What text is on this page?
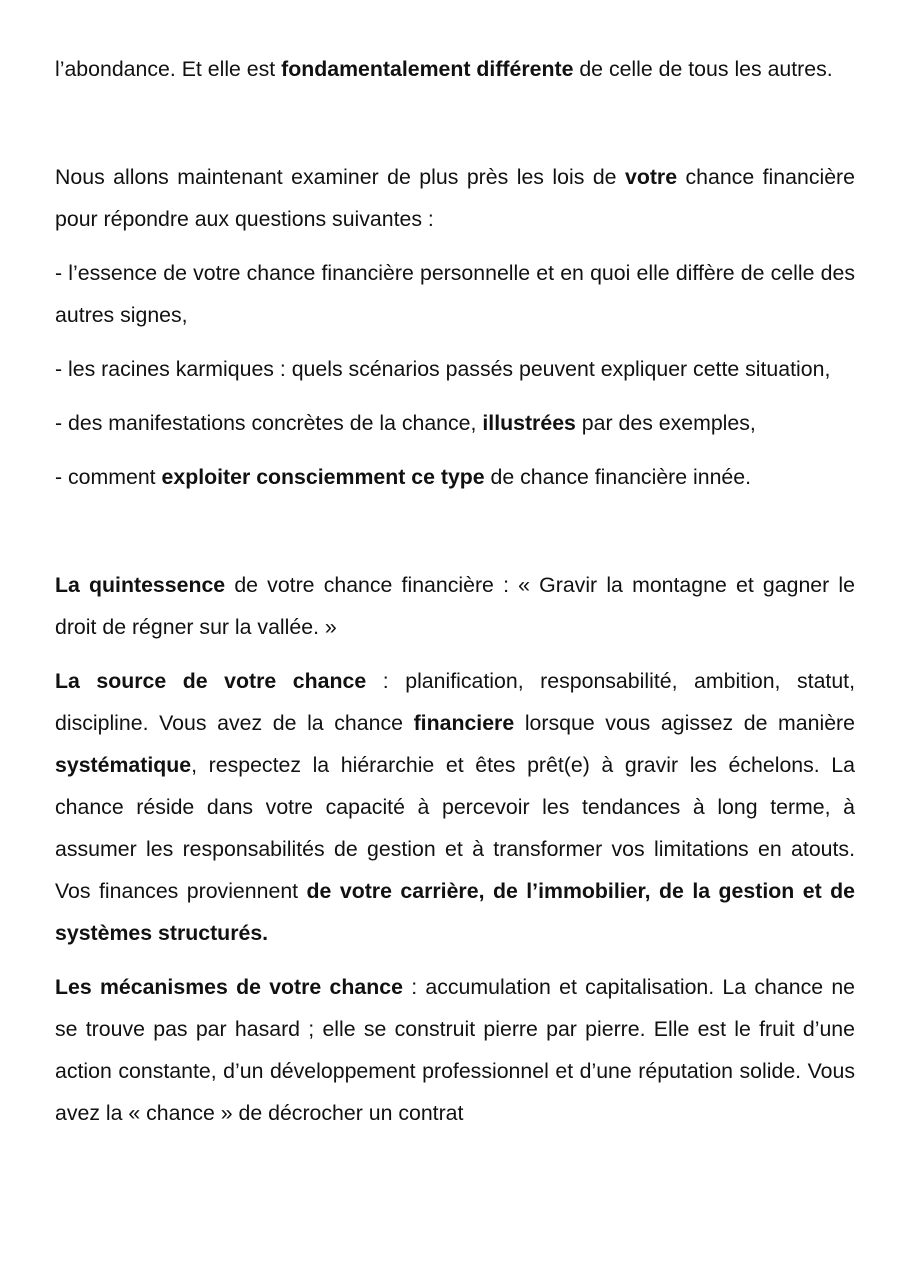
l’abondance. Et elle est fondamentalement différente de celle de tous les autres.

Nous allons maintenant examiner de plus près les lois de votre chance financière pour répondre aux questions suivantes :

- l’essence de votre chance financière personnelle et en quoi elle diffère de celle des autres signes,

- les racines karmiques : quels scénarios passés peuvent expliquer cette situation,

- des manifestations concrètes de la chance, illustrées par des exemples,

- comment exploiter consciemment ce type de chance financière innée.

La quintessence de votre chance financière : « Gravir la montagne et gagner le droit de régner sur la vallée. »

La source de votre chance : planification, responsabilité, ambition, statut, discipline. Vous avez de la chance financiere lorsque vous agissez de manière systématique, respectez la hiérarchie et êtes prêt(e) à gravir les échelons. La chance réside dans votre capacité à percevoir les tendances à long terme, à assumer les responsabilités de gestion et à transformer vos limitations en atouts. Vos finances proviennent de votre carrière, de l’immobilier, de la gestion et de systèmes structurés.

Les mécanismes de votre chance : accumulation et capitalisation. La chance ne se trouve pas par hasard ; elle se construit pierre par pierre. Elle est le fruit d’une action constante, d’un développement professionnel et d’une réputation solide. Vous avez la « chance » de décrocher un contrat
